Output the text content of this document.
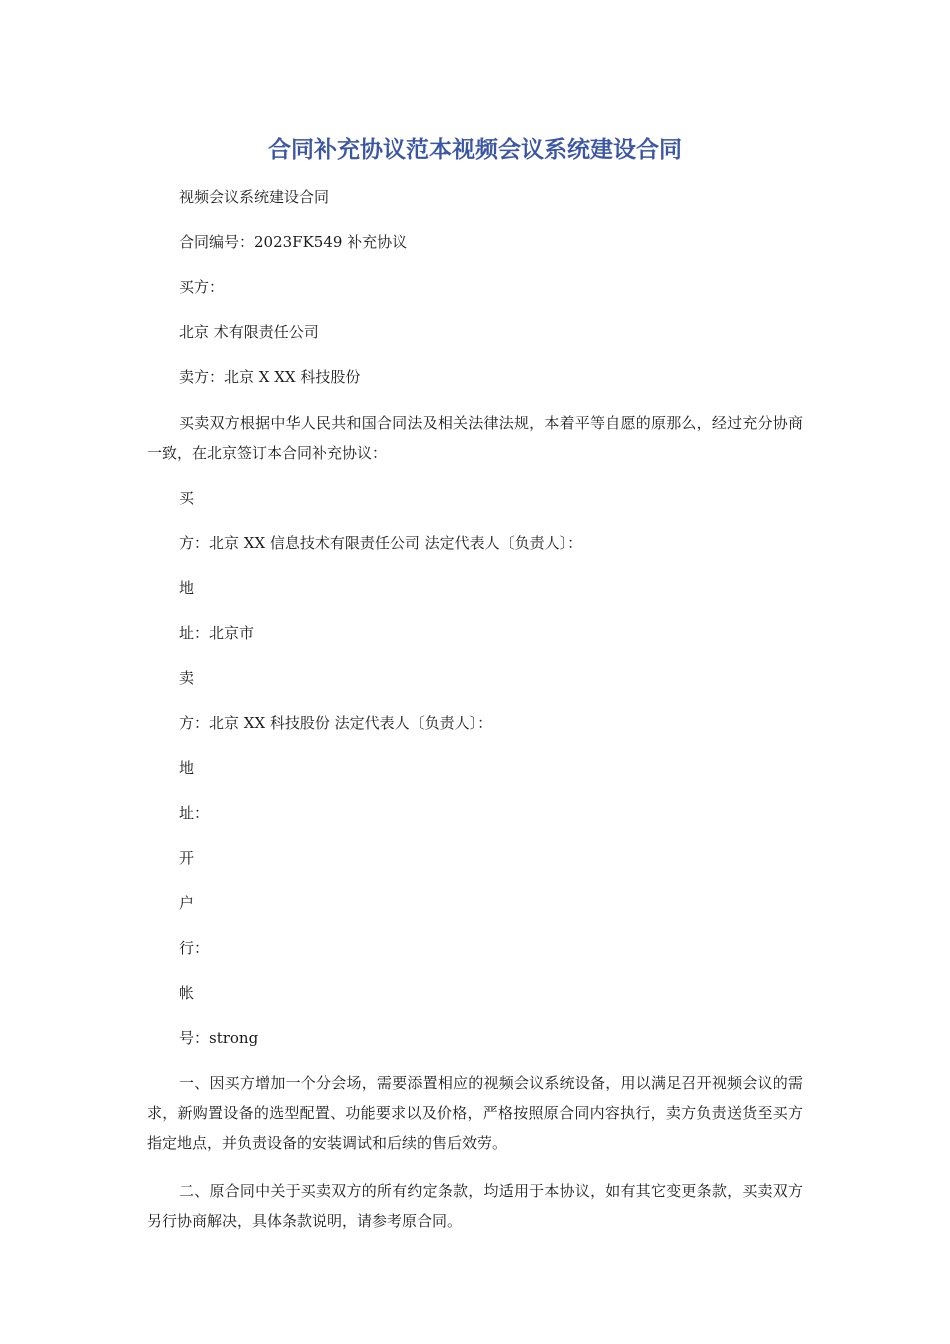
合同补充协议范本视频会议系统建设合同
视频会议系统建设合同
合同编号：2023FK549 补充协议
买方：
北京 术有限责任公司
卖方：北京 X XX 科技股份
买卖双方根据中华人民共和国合同法及相关法律法规，本着平等自愿的原那么，经过充分协商一致，在北京签订本合同补充协议：
买
方：北京 XX 信息技术有限责任公司 法定代表人〔负责人〕：
地
址：北京市
卖
方：北京 XX 科技股份 法定代表人〔负责人〕：
地
址：
开
户
行：
帐
号：strong
一、因买方增加一个分会场，需要添置相应的视频会议系统设备，用以满足召开视频会议的需求，新购置设备的选型配置、功能要求以及价格，严格按照原合同内容执行，卖方负责送货至买方指定地点，并负责设备的安装调试和后续的售后效劳。
二、原合同中关于买卖双方的所有约定条款，均适用于本协议，如有其它变更条款，买卖双方另行协商解决，具体条款说明，请参考原合同。
